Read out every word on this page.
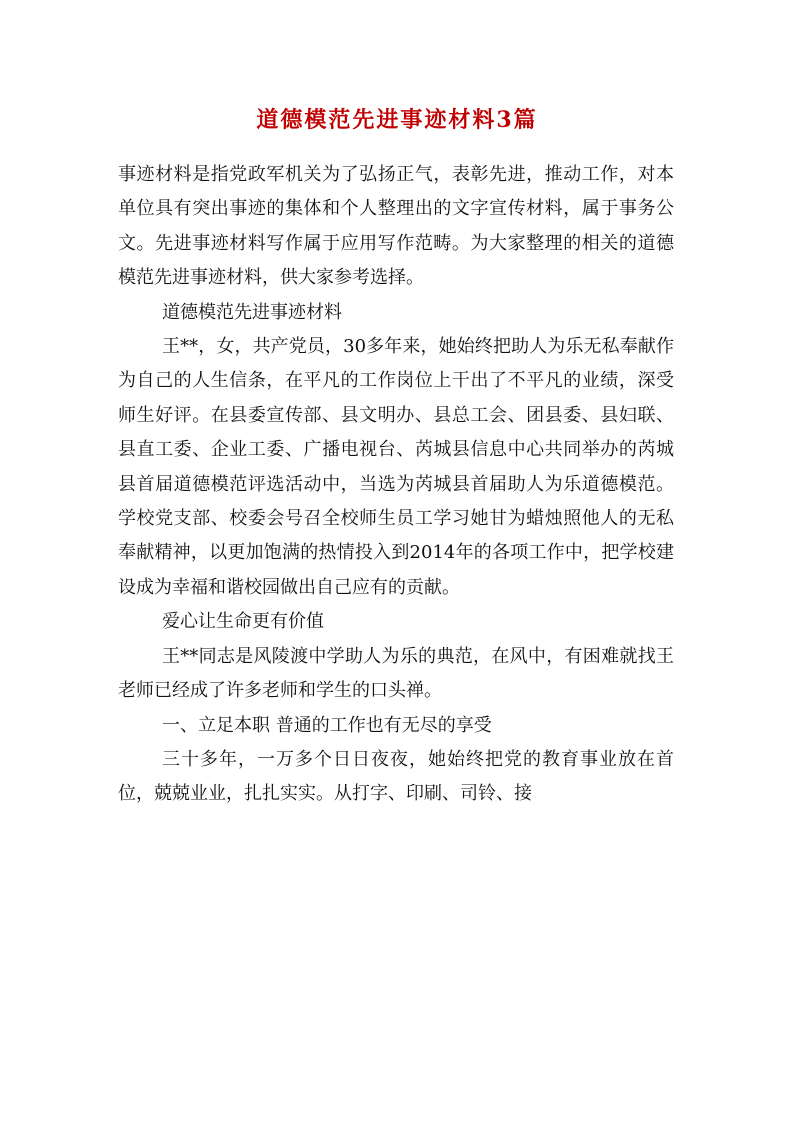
道德模范先进事迹材料3篇

事迹材料是指党政军机关为了弘扬正气，表彰先进，推动工作，对本单位具有突出事迹的集体和个人整理出的文字宣传材料，属于事务公文。先进事迹材料写作属于应用写作范畴。为大家整理的相关的道德模范先进事迹材料，供大家参考选择。

道德模范先进事迹材料

王**，女，共产党员，30多年来，她始终把助人为乐无私奉献作为自己的人生信条，在平凡的工作岗位上干出了不平凡的业绩，深受师生好评。在县委宣传部、县文明办、县总工会、团县委、县妇联、县直工委、企业工委、广播电视台、芮城县信息中心共同举办的芮城县首届道德模范评选活动中，当选为芮城县首届助人为乐道德模范。学校党支部、校委会号召全校师生员工学习她甘为蜡烛照他人的无私奉献精神，以更加饱满的热情投入到2014年的各项工作中，把学校建设成为幸福和谐校园做出自己应有的贡献。

爱心让生命更有价值

王**同志是风陵渡中学助人为乐的典范，在风中，有困难就找王老师已经成了许多老师和学生的口头禅。

一、立足本职 普通的工作也有无尽的享受

三十多年，一万多个日日夜夜，她始终把党的教育事业放在首位，兢兢业业，扎扎实实。从打字、印刷、司铃、接
